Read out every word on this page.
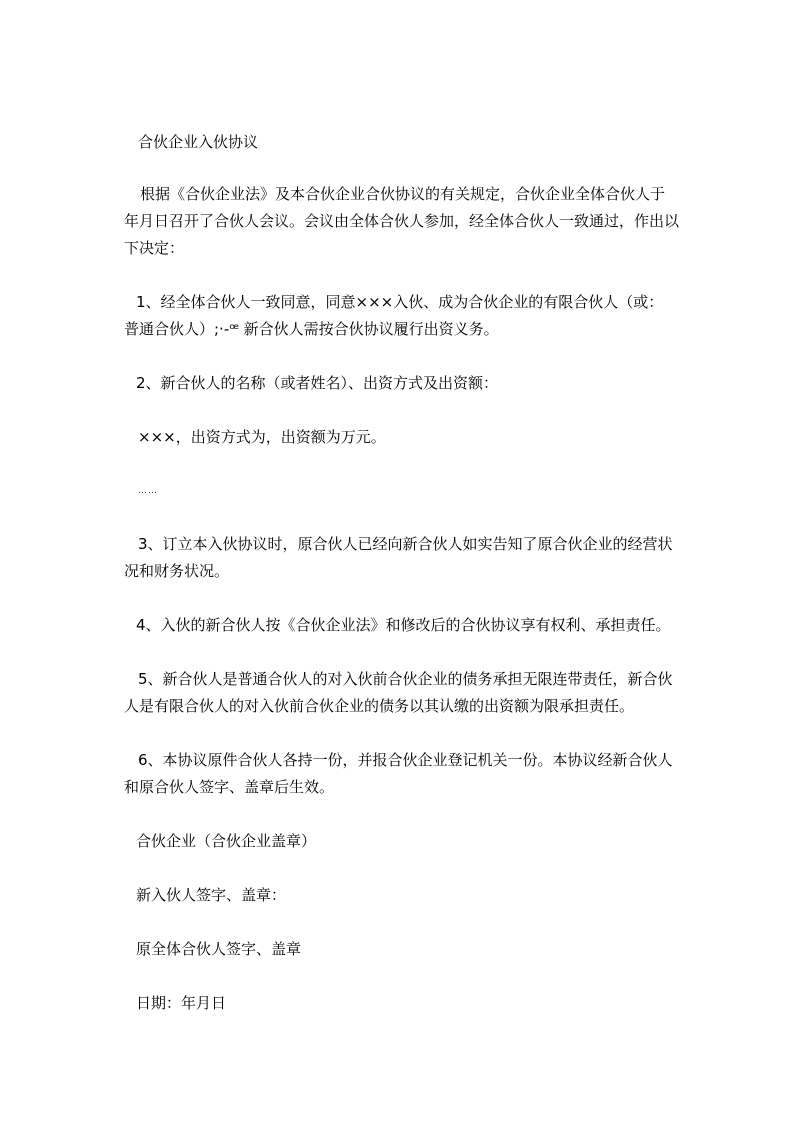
合伙企业入伙协议
根据《合伙企业法》及本合伙企业合伙协议的有关规定，合伙企业全体合伙人于
年月日召开了合伙人会议。会议由全体合伙人参加，经全体合伙人一致通过，作出以
下决定：
1、经全体合伙人一致同意，同意×××入伙、成为合伙企业的有限合伙人（或：
普通合伙人）;·-ꟹ 新合伙人需按合伙协议履行出资义务。
2、新合伙人的名称（或者姓名）、出资方式及出资额：
×××，出资方式为，出资额为万元。
……
3、订立本入伙协议时，原合伙人已经向新合伙人如实告知了原合伙企业的经营状
况和财务状况。
4、入伙的新合伙人按《合伙企业法》和修改后的合伙协议享有权利、承担责任。
5、新合伙人是普通合伙人的对入伙前合伙企业的债务承担无限连带责任，新合伙
人是有限合伙人的对入伙前合伙企业的债务以其认缴的出资额为限承担责任。
6、本协议原件合伙人各持一份，并报合伙企业登记机关一份。本协议经新合伙人
和原合伙人签字、盖章后生效。
合伙企业（合伙企业盖章）
新入伙人签字、盖章：
原全体合伙人签字、盖章
日期：年月日
